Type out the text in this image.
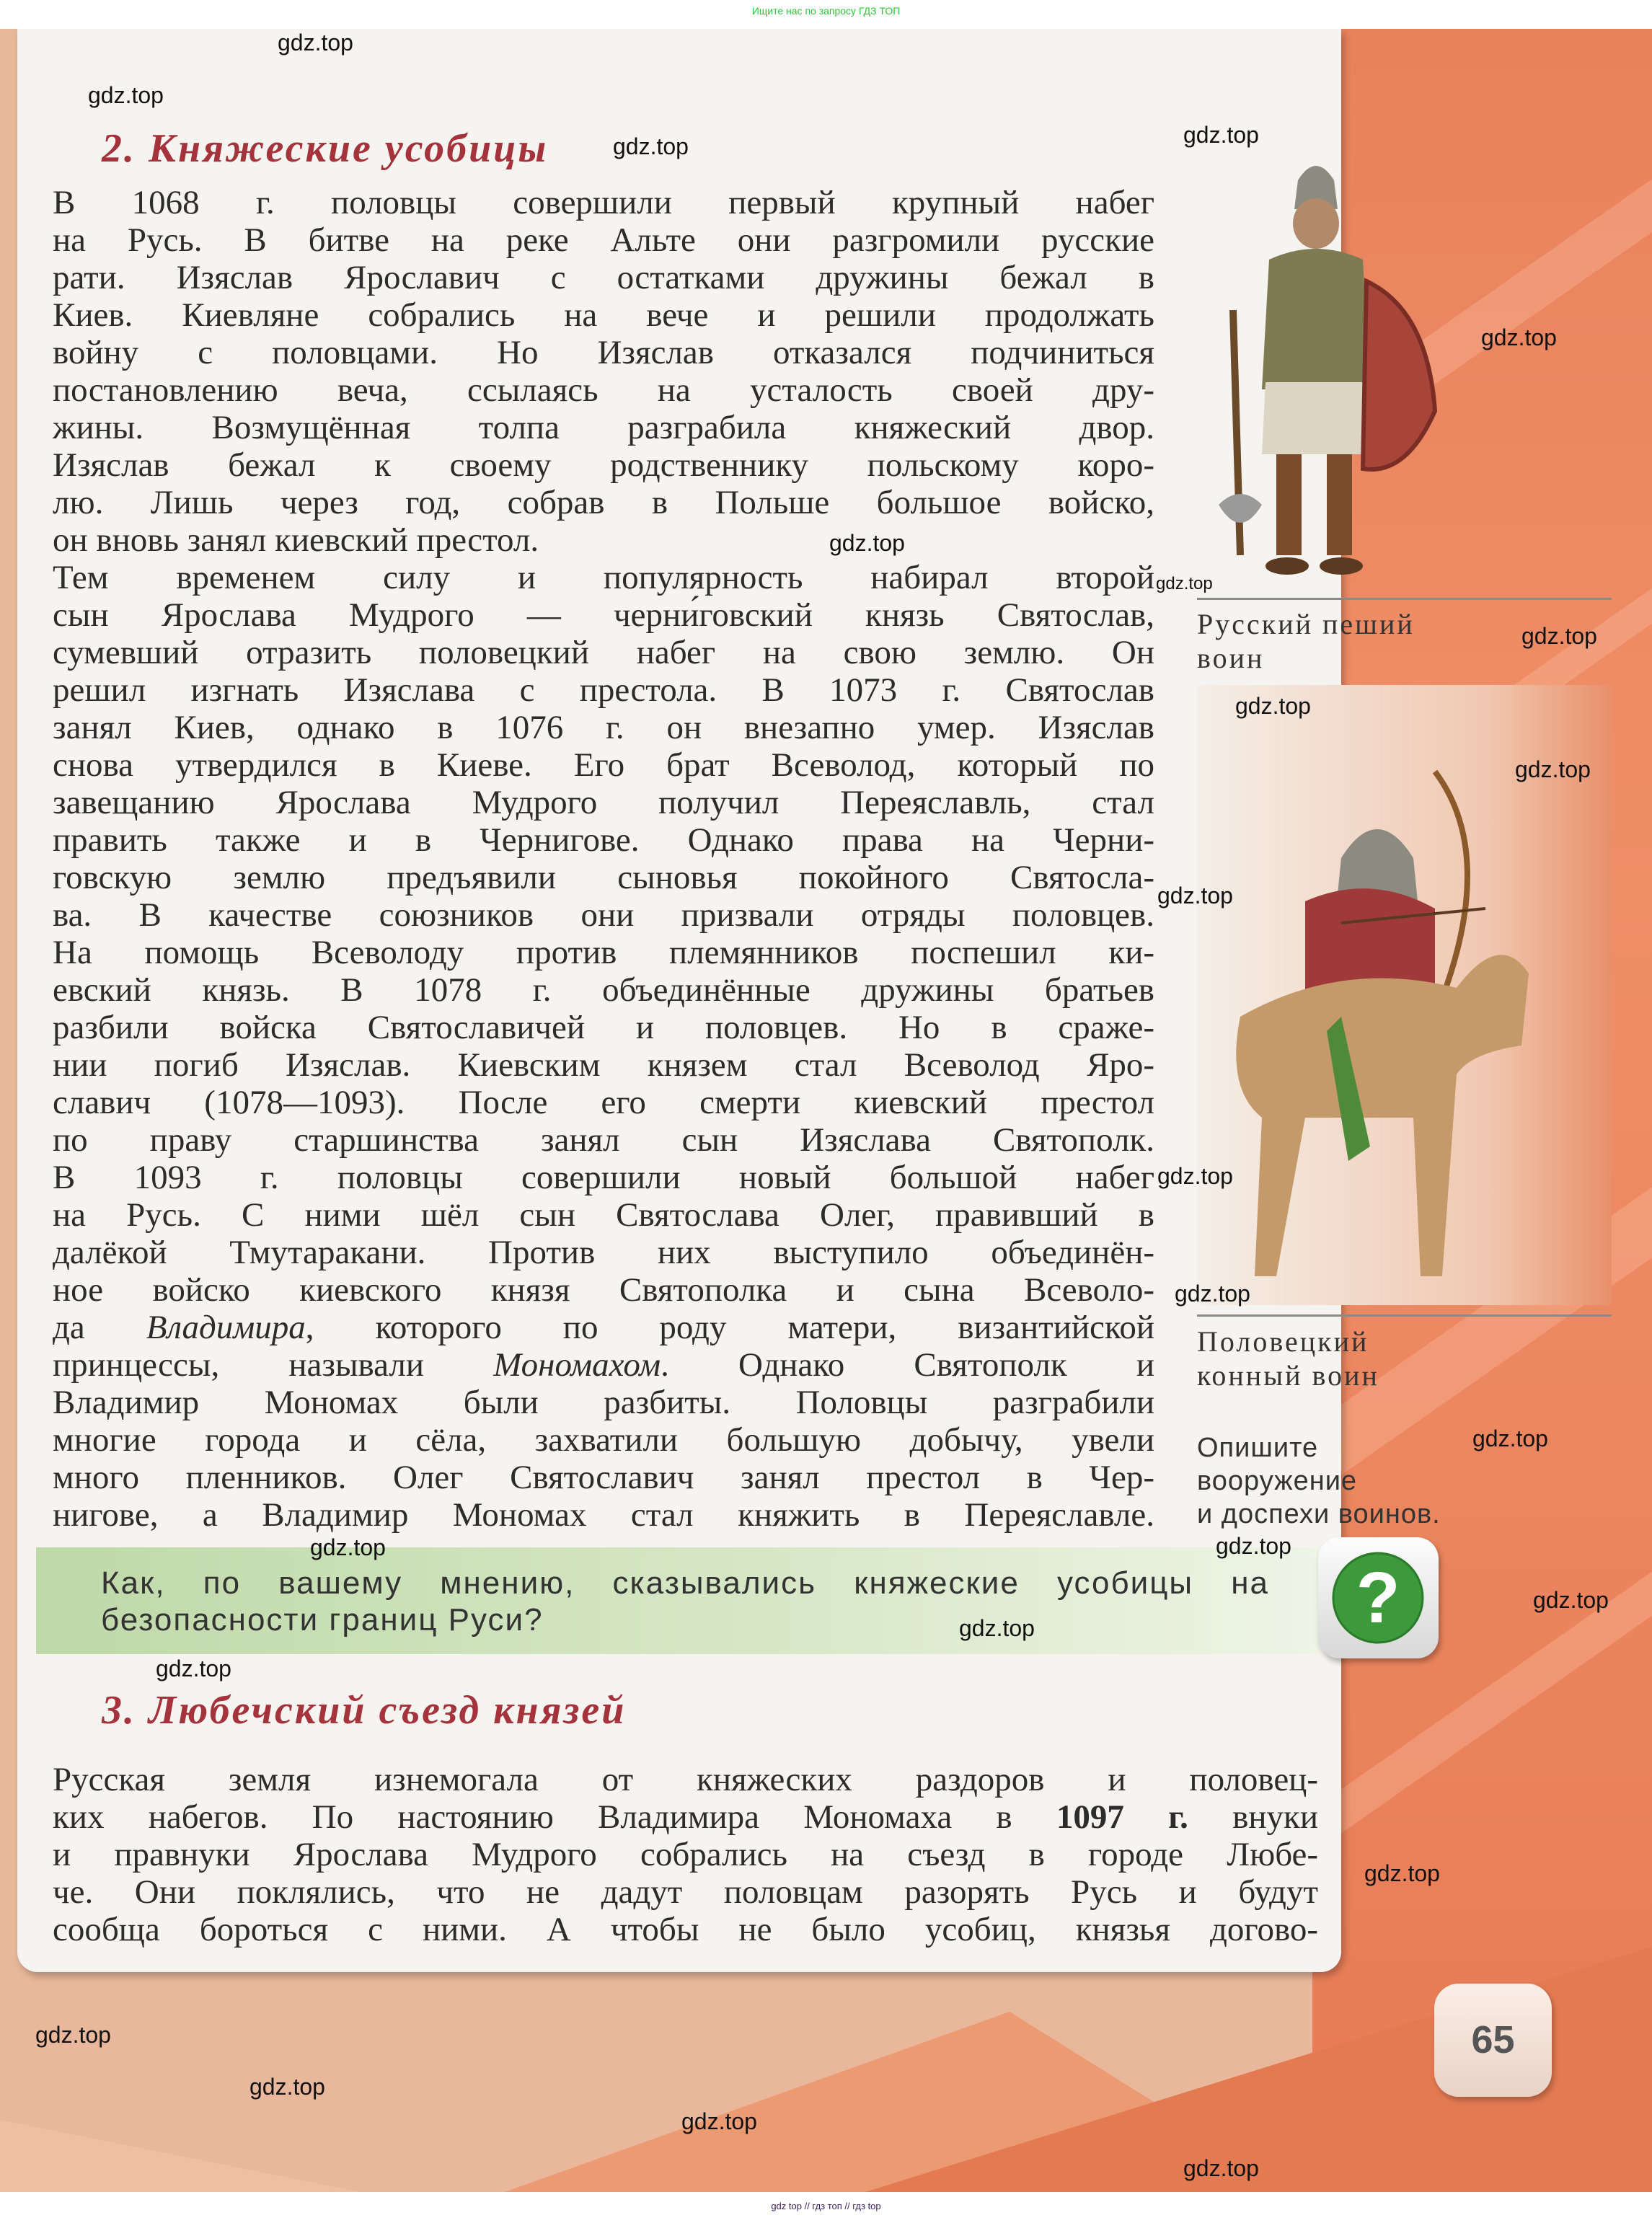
Ищите нас по запросу ГДЗ ТОП
?
65
2. Княжеские усобицы
В 1068 г. половцы совершили первый крупный набег
на Русь. В битве на реке Альте они разгромили русские
рати. Изяслав Ярославич с остатками дружины бежал в
Киев. Киевляне собрались на вече и решили продолжать
войну с половцами. Но Изяслав отказался подчиниться
постановлению веча, ссылаясь на усталость своей дру-
жины. Возмущённая толпа разграбила княжеский двор.
Изяслав бежал к своему родственнику польскому коро-
лю. Лишь через год, собрав в Польше большое войско,
он вновь занял киевский престол.
Тем временем силу и популярность набирал второй
сын Ярослава Мудрого — черни́говский князь Святослав,
сумевший отразить половецкий набег на свою землю. Он
решил изгнать Изяслава с престола. В 1073 г. Святослав
занял Киев, однако в 1076 г. он внезапно умер. Изяслав
снова утвердился в Киеве. Его брат Всеволод, который по
завещанию Ярослава Мудрого получил Переяславль, стал
править также и в Чернигове. Однако права на Черни-
говскую землю предъявили сыновья покойного Святосла-
ва. В качестве союзников они призвали отряды половцев.
На помощь Всеволоду против племянников поспешил ки-
евский князь. В 1078 г. объединённые дружины братьев
разбили войска Святославичей и половцев. Но в сраже-
нии погиб Изяслав. Киевским князем стал Всеволод Яро-
славич (1078—1093). После его смерти киевский престол
по праву старшинства занял сын Изяслава Святополк.
В 1093 г. половцы совершили новый большой набег
на Русь. С ними шёл сын Святослава Олег, правивший в
далёкой Тмутаракани. Против них выступило объединён-
ное войско киевского князя Святополка и сына Всеволо-
да Владимира, которого по роду матери, византийской
принцессы, называли Мономахом. Однако Святополк и
Владимир Мономах были разбиты. Половцы разграбили
многие города и сёла, захватили большую добычу, увели
много пленников. Олег Святославич занял престол в Чер-
нигове, а Владимир Мономах стал княжить в Переяславле.
Русский пеший
воин
Половецкий
конный воин
Опишите
вооружение
и доспехи воинов.
Как, по вашему мнению, сказывались княжеские усобицы на
безопасности границ Руси?
3. Любечский съезд князей
Русская земля изнемогала от княжеских раздоров и половец-
ких набегов. По настоянию Владимира Мономаха в 1097 г. внуки
и правнуки Ярослава Мудрого собрались на съезд в городе Любе-
че. Они поклялись, что не дадут половцам разорять Русь и будут
сообща бороться с ними. А чтобы не было усобиц, князья догово-
gdz.top
gdz.top
gdz.top
gdz.top
gdz.top
gdz.top
gdz.top
gdz.top
gdz.top
gdz.top
gdz.top
gdz.top
gdz.top
gdz.top
gdz.top
gdz.top
gdz.top
gdz.top
gdz.top
gdz.top
gdz.top
gdz.top
gdz.top
gdz.top
gdz top // гдз топ // гдз top
